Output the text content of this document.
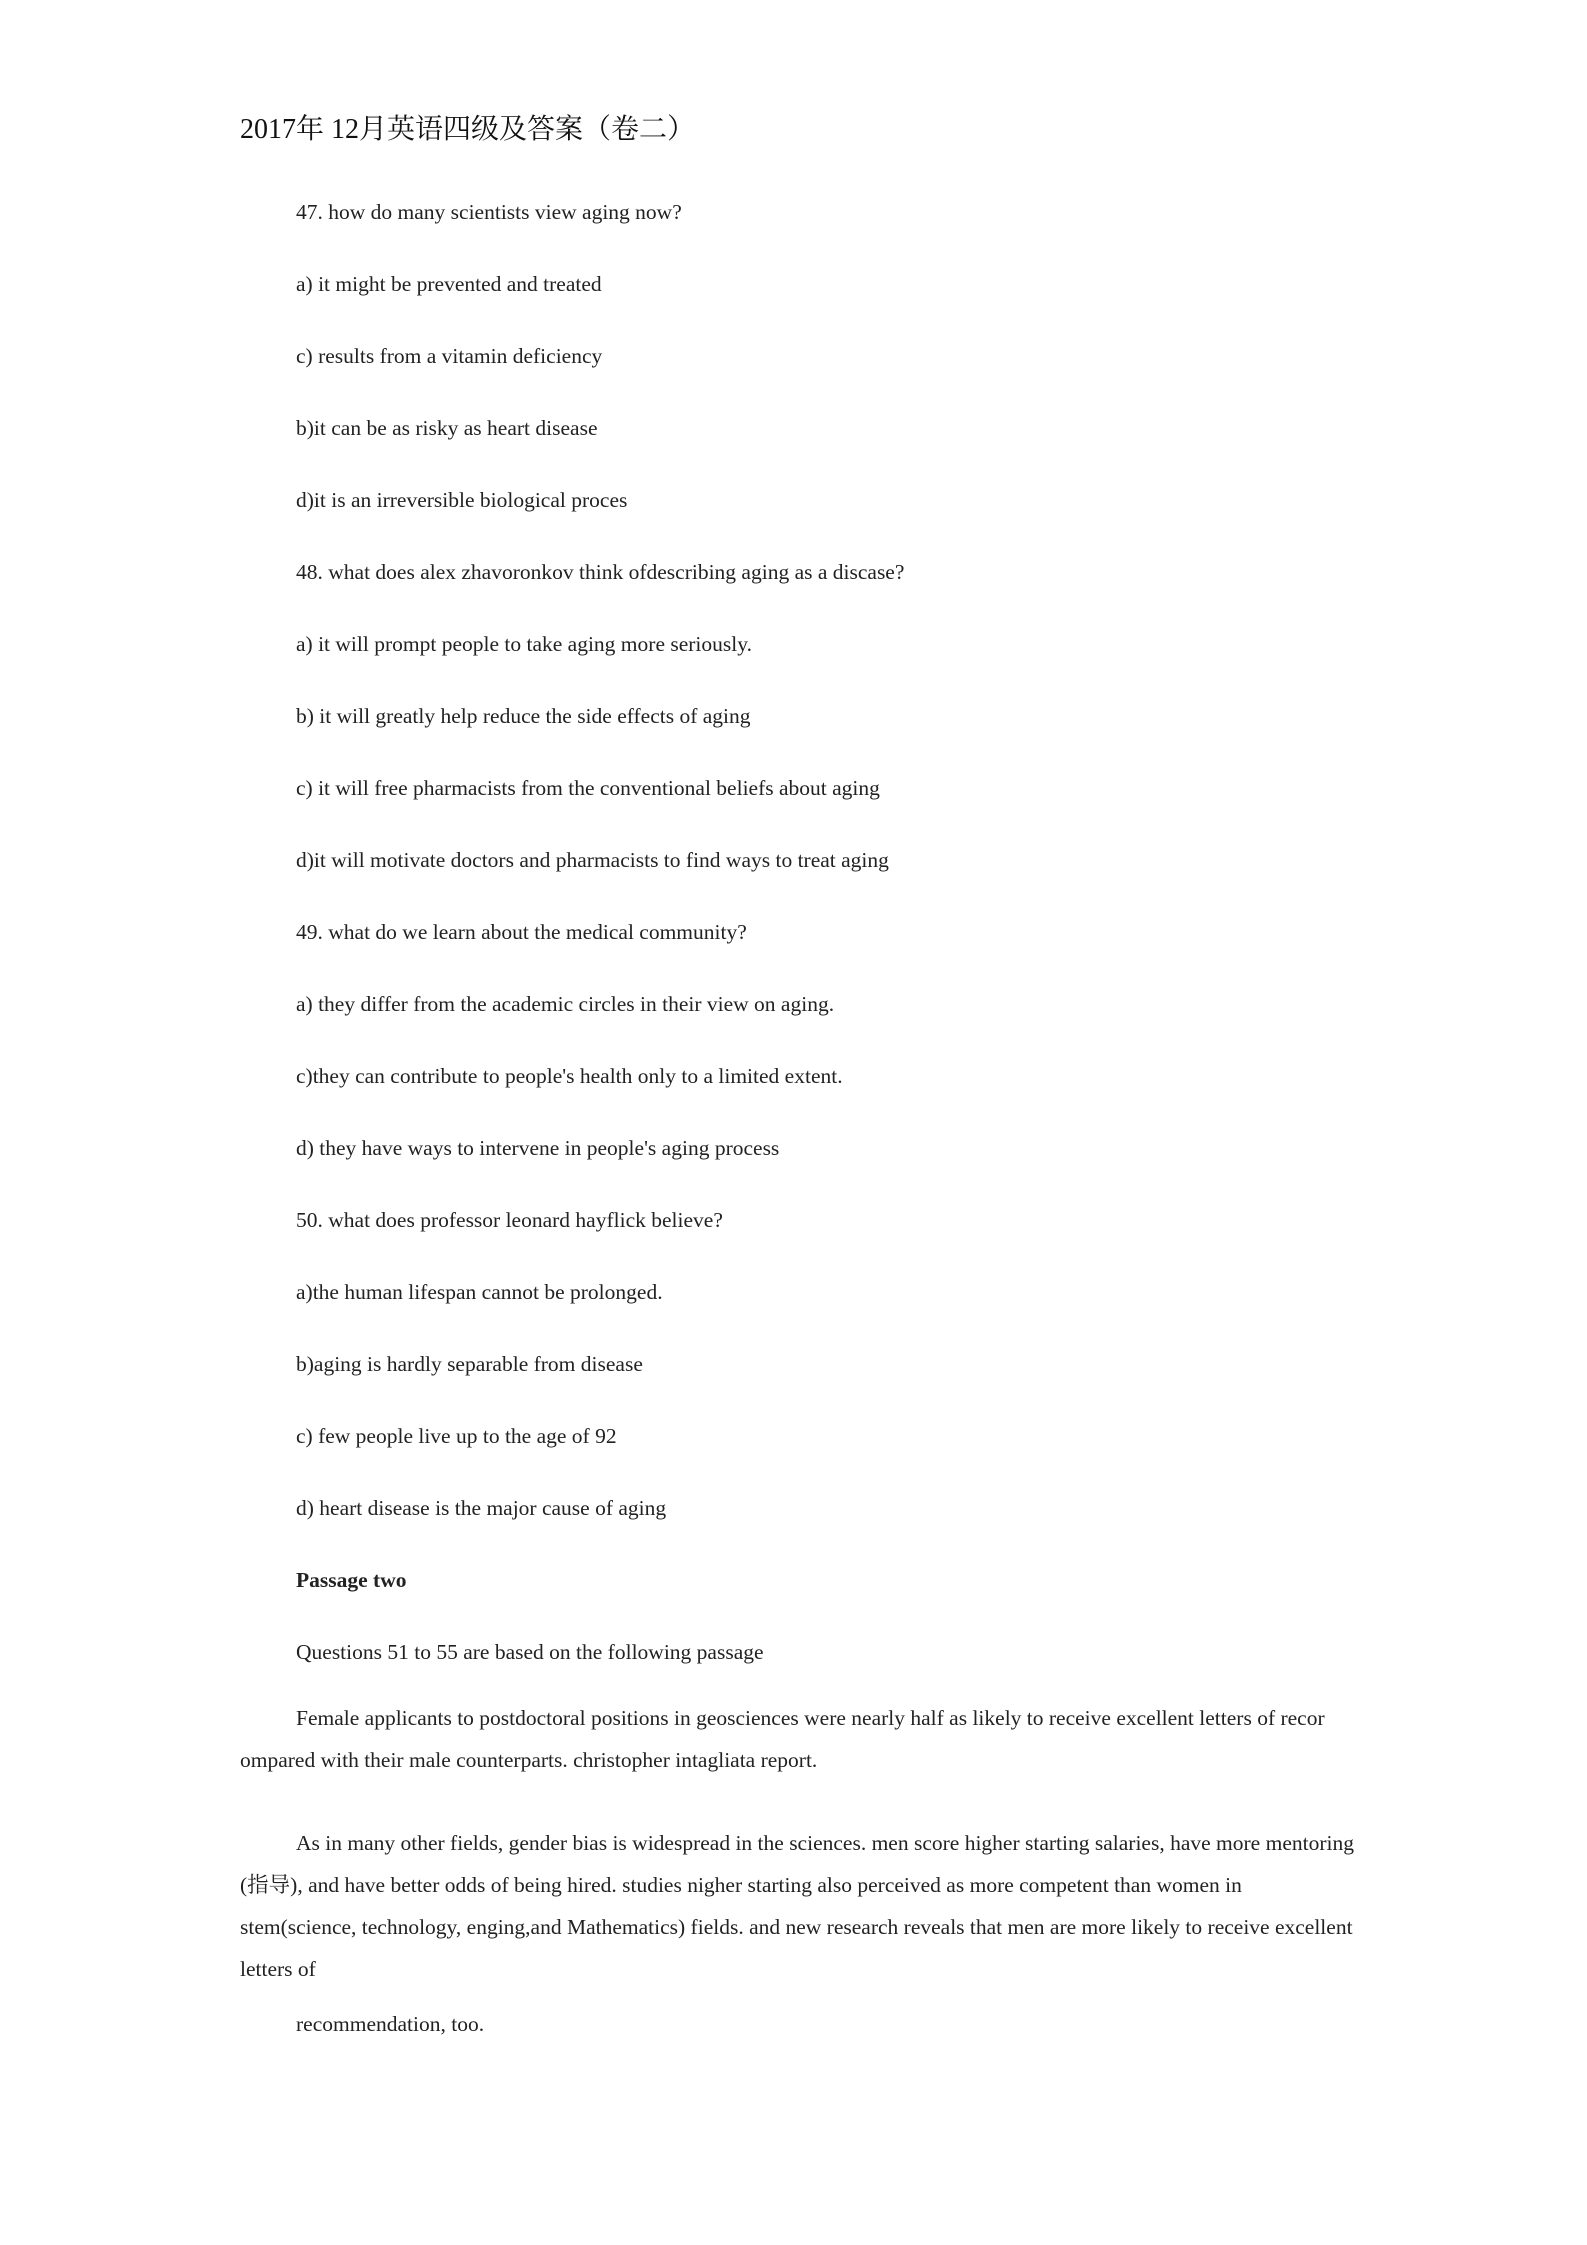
2017年 12月英语四级及答案（卷二）
47. how do many scientists view aging now?
a) it might be prevented and treated
c) results from a vitamin deficiency
b)it can be as risky as heart disease
d)it is an irreversible biological proces
48. what does alex zhavoronkov think ofdescribing aging as a discase?
a) it will prompt people to take aging more seriously.
b) it will greatly help reduce the side effects of aging
c) it will free pharmacists from the conventional beliefs about aging
d)it will motivate doctors and pharmacists to find ways to treat aging
49. what do we learn about the medical community?
a) they differ from the academic circles in their view on aging.
c)they can contribute to people's health only to a limited extent.
d) they have ways to intervene in people's aging process
50. what does professor leonard hayflick believe?
a)the human lifespan cannot be prolonged.
b)aging is hardly separable from disease
c) few people live up to the age of 92
d) heart disease is the major cause of aging
Passage two
Questions 51 to 55 are based on the following passage
Female applicants to postdoctoral positions in geosciences were nearly half as likely to receive excellent letters of recor ompared with their male counterparts. christopher intagliata report.
As in many other fields, gender bias is widespread in the sciences. men score higher starting salaries, have more mentoring (指导), and have better odds of being hired. studies nigher starting also perceived as more competent than women in stem(science, technology, enging,and Mathematics) fields. and new research reveals that men are more likely to receive excellent letters of
recommendation, too.
